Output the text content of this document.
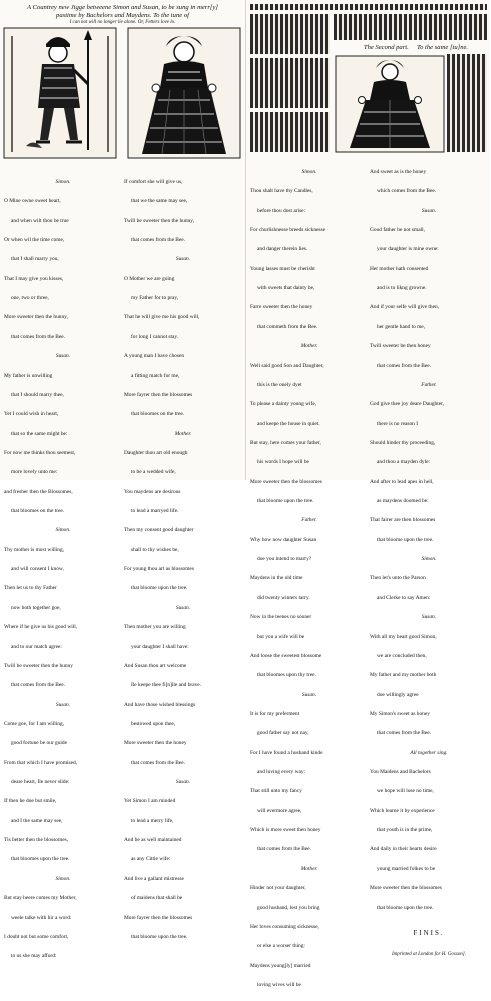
A Countrey new Jigge betweene Simon and Susan, to be sung in merr[y]
pastime by Bachelors and Maydens. To the tune of
I can not will no longer lie alone. Or, Fetters love lo.

Simon.

O Mine owne sweet heart,

and when wilt thou be true

Or when wil the time come,

that I shall marry you,

That I may give you kisses,

one, two or three,

More sweeter then the hunny,

that comes from the Bee.

Susan.

My father is unwilling

that I should marry thee,

Yet I could wish in heart,

that so the same might be:

For now me thinks thou seemest,

more lovely unto me:

and fresher then the Blossomes,

that bloomes on the tree.

Simon.

Thy mother is most willing,

and will consent I know,

Then let us to thy Father

now both together goe,

Where if he give us his good will,

and to our match agree:

Twill be sweeter then the hunny

that comes from the Bee.

Susan.

Come goe, for I am willing,

good fortune be our guide

From that which I have promised,

deare heart, Ile never slide:

If then he doe but smile,

and I the same may see,

Tis better then the blossomes,

that bloomes upon the tree.

Simon.

But stay heere comes my Mother,

weele talke with hir a word:

I doubt not but some comfort,

to us she may afford:

If comfort she will give us,

that we the same may see,

Twill be sweeter then the hunny,

that comes from the Bee.

Susan.

O Mother we are going

my Father for to pray,

That he will give me his good will,

for long I cannot stay.

A young man I have chosen

a fitting match for me,

More fayrer then the blossomes

that bloomes on the tree.

Mother.

Daughter thou art old enough

to be a wedded wife,

You maydens are desirous

to lead a marryed life.

Then my consent good daughter

shall to thy wishes be,

For young thou art as blossomes

that bloome upon the tree.

Susan.

Then mother you are willing

your daughter I shall have:

And Susan thou art welcome

Ile keepe thee fi[n]ile and brave.

And have those wished blessings

bestowed upon thee,

More sweeter then the honey

that comes from the Bee.

Susan.

Yet Simon I am minded

to lead a merry life,

And be as well maintained

as any Cittie wife:

And live a gallant mistresse

of maidens that shall be

More fayrer then the blossomes

that bloome upon the tree.

The Second part. To the same [tu]ne.

Simon.

Thou shalt have thy Candles,

before thou dost arise:

For churlishnesse breeds sicknesse

and danger therein lies.

Young lasses must be cherisht

with sweets that dainty be,

Farre sweeter then the honey

that commeth from the Bee.

Mother.

Well said good Son and Daughter,

this is the onely dyet

To please a dainty young wife,

and keepe the house in quiet.

But stay, here comes your father,

his words I hope will be

More sweeter then the blossomes

that bloome upon the tree.

Father.

Why how now daughter Susan

doe you intend to marry?

Maydens in the old time

did twenty winters tarry.

Now in the teenes no sooner

but you a wife will be

And loose the sweetest blossome

that bloomes upon thy tree.

Susan.

It is for my preferment

good father say not nay,

For I have found a husband kinde

and loving every way:

That still unto my fancy

will evermore agree,

Which is more sweet then honey

that comes from the Bee.

Mother.

Hinder not your daughter,

good husband, lest you bring

Her loves consuming sicknesse,

or else a worser thing:

Maydens young[ly] married

loving wives will be

And sweet as is the honey

which comes from the Bee.

Susan.

Good father be not small,

your daughter is mine owne:

Her mother hath consented

and is to likng growne.

And if your selfe will give then,

her gentle hand to me,

Twill sweeter be then honey

that comes from the Bee.

Father.

God give thee joy deare Daughter,

there is no reason I

Should hinder thy proceeding,

and thou a mayden dyle:

And after to lead apes in hell,

as maydens doomed be:

That fairer are then blossomes

that bloome upon the tree.

Simon.

Then let's unto the Parson

and Clerke to say Amen:

Susan.

With all my heart good Simon,

we are concluded then,

My father and my mother both

doe willingly agree

My Simon's sweet as honey

that comes from the Bee.

All together sing.

You Maidens and Bachelors

we hope will lose no time,

Which learne it by experience

that youth is in the prime,

And daily in their hearts desire

young married folkes to be

More sweeter then the blossomes

that bloome upon the tree.

FINIS.

Imprinted at London for H. Gosson].
